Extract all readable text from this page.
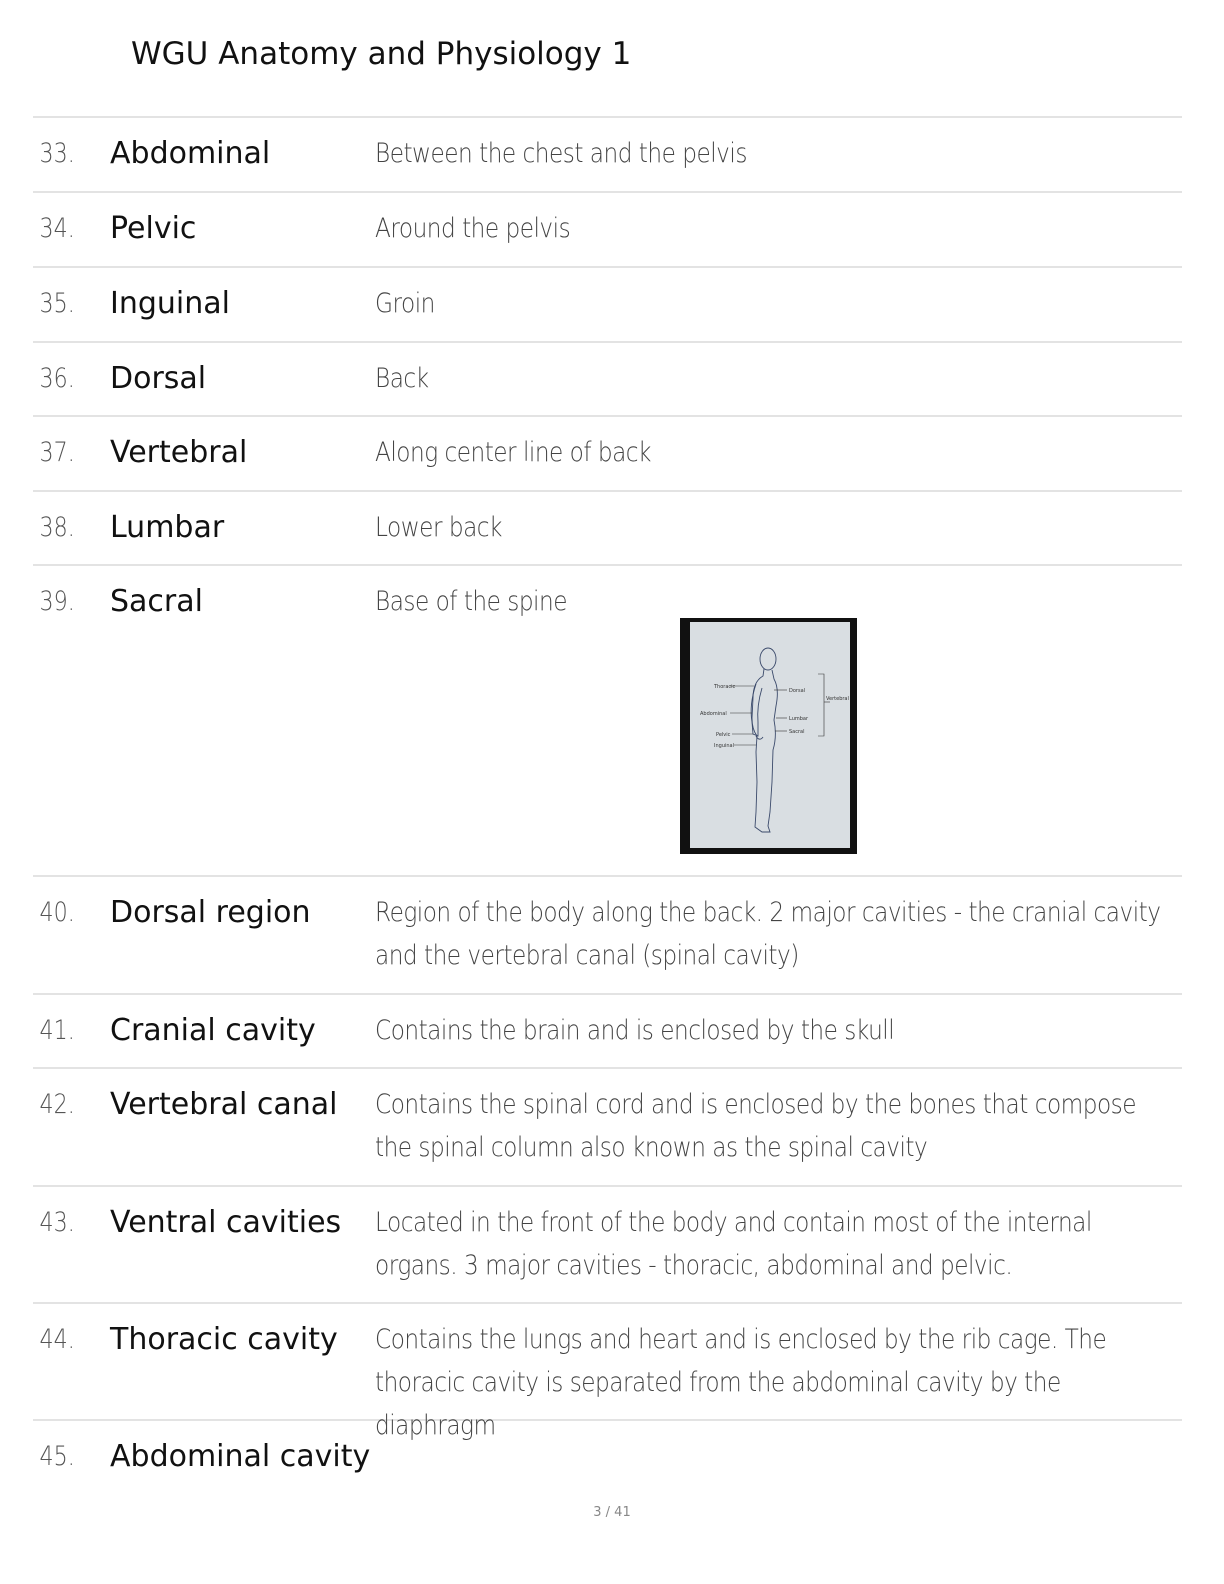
WGU Anatomy and Physiology 1
33.	Abdominal	Between the chest and the pelvis
34.	Pelvic	Around the pelvis
35.	Inguinal	Groin
36.	Dorsal	Back
37.	Vertebral	Along center line of back
38.	Lumbar	Lower back
39.	Sacral	Base of the spine
40.	Dorsal region	Region of the body along the back. 2 major cavities - the cranial cavity and the vertebral canal (spinal cavity)
41.	Cranial cavity	Contains the brain and is enclosed by the skull
42.	Vertebral canal	Contains the spinal cord and is enclosed by the bones that compose the spinal column also known as the spinal cavity
43.	Ventral cavities	Located in the front of the body and contain most of the internal organs. 3 major cavities - thoracic, abdominal and pelvic.
44.	Thoracic cavity	Contains the lungs and heart and is enclosed by the rib cage. The thoracic cavity is separated from the abdominal cavity by the diaphragm
45.	Abdominal cavity
Thoracic
Abdominal
Pelvic
Inguinal
Dorsal
Lumbar
Sacral
Vertebral
3 / 41
